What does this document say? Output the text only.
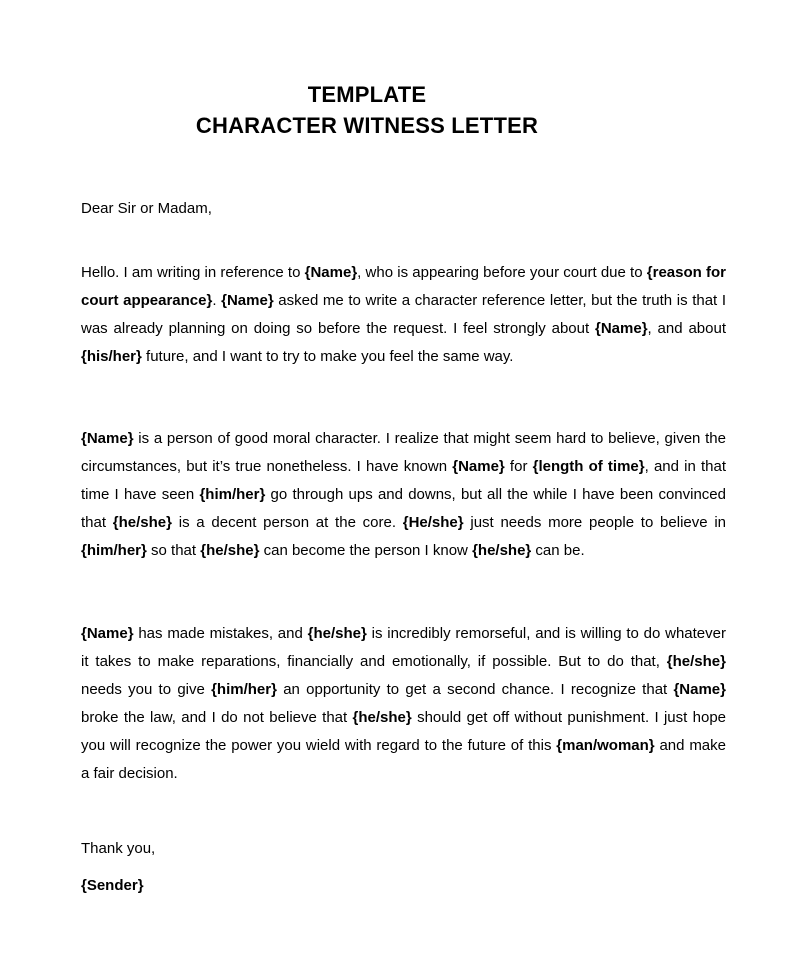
TEMPLATE
CHARACTER WITNESS LETTER
Dear Sir or Madam,

Hello. I am writing in reference to {Name}, who is appearing before your court due to {reason for court appearance}. {Name} asked me to write a character reference letter, but the truth is that I was already planning on doing so before the request. I feel strongly about {Name}, and about {his/her} future, and I want to try to make you feel the same way.

{Name} is a person of good moral character. I realize that might seem hard to believe, given the circumstances, but it’s true nonetheless. I have known {Name} for {length of time}, and in that time I have seen {him/her} go through ups and downs, but all the while I have been convinced that {he/she} is a decent person at the core. {He/she} just needs more people to believe in {him/her} so that {he/she} can become the person I know {he/she} can be.

{Name} has made mistakes, and {he/she} is incredibly remorseful, and is willing to do whatever it takes to make reparations, financially and emotionally, if possible. But to do that, {he/she} needs you to give {him/her} an opportunity to get a second chance. I recognize that {Name} broke the law, and I do not believe that {he/she} should get off without punishment. I just hope you will recognize the power you wield with regard to the future of this {man/woman} and make a fair decision.

Thank you,
{Sender}
